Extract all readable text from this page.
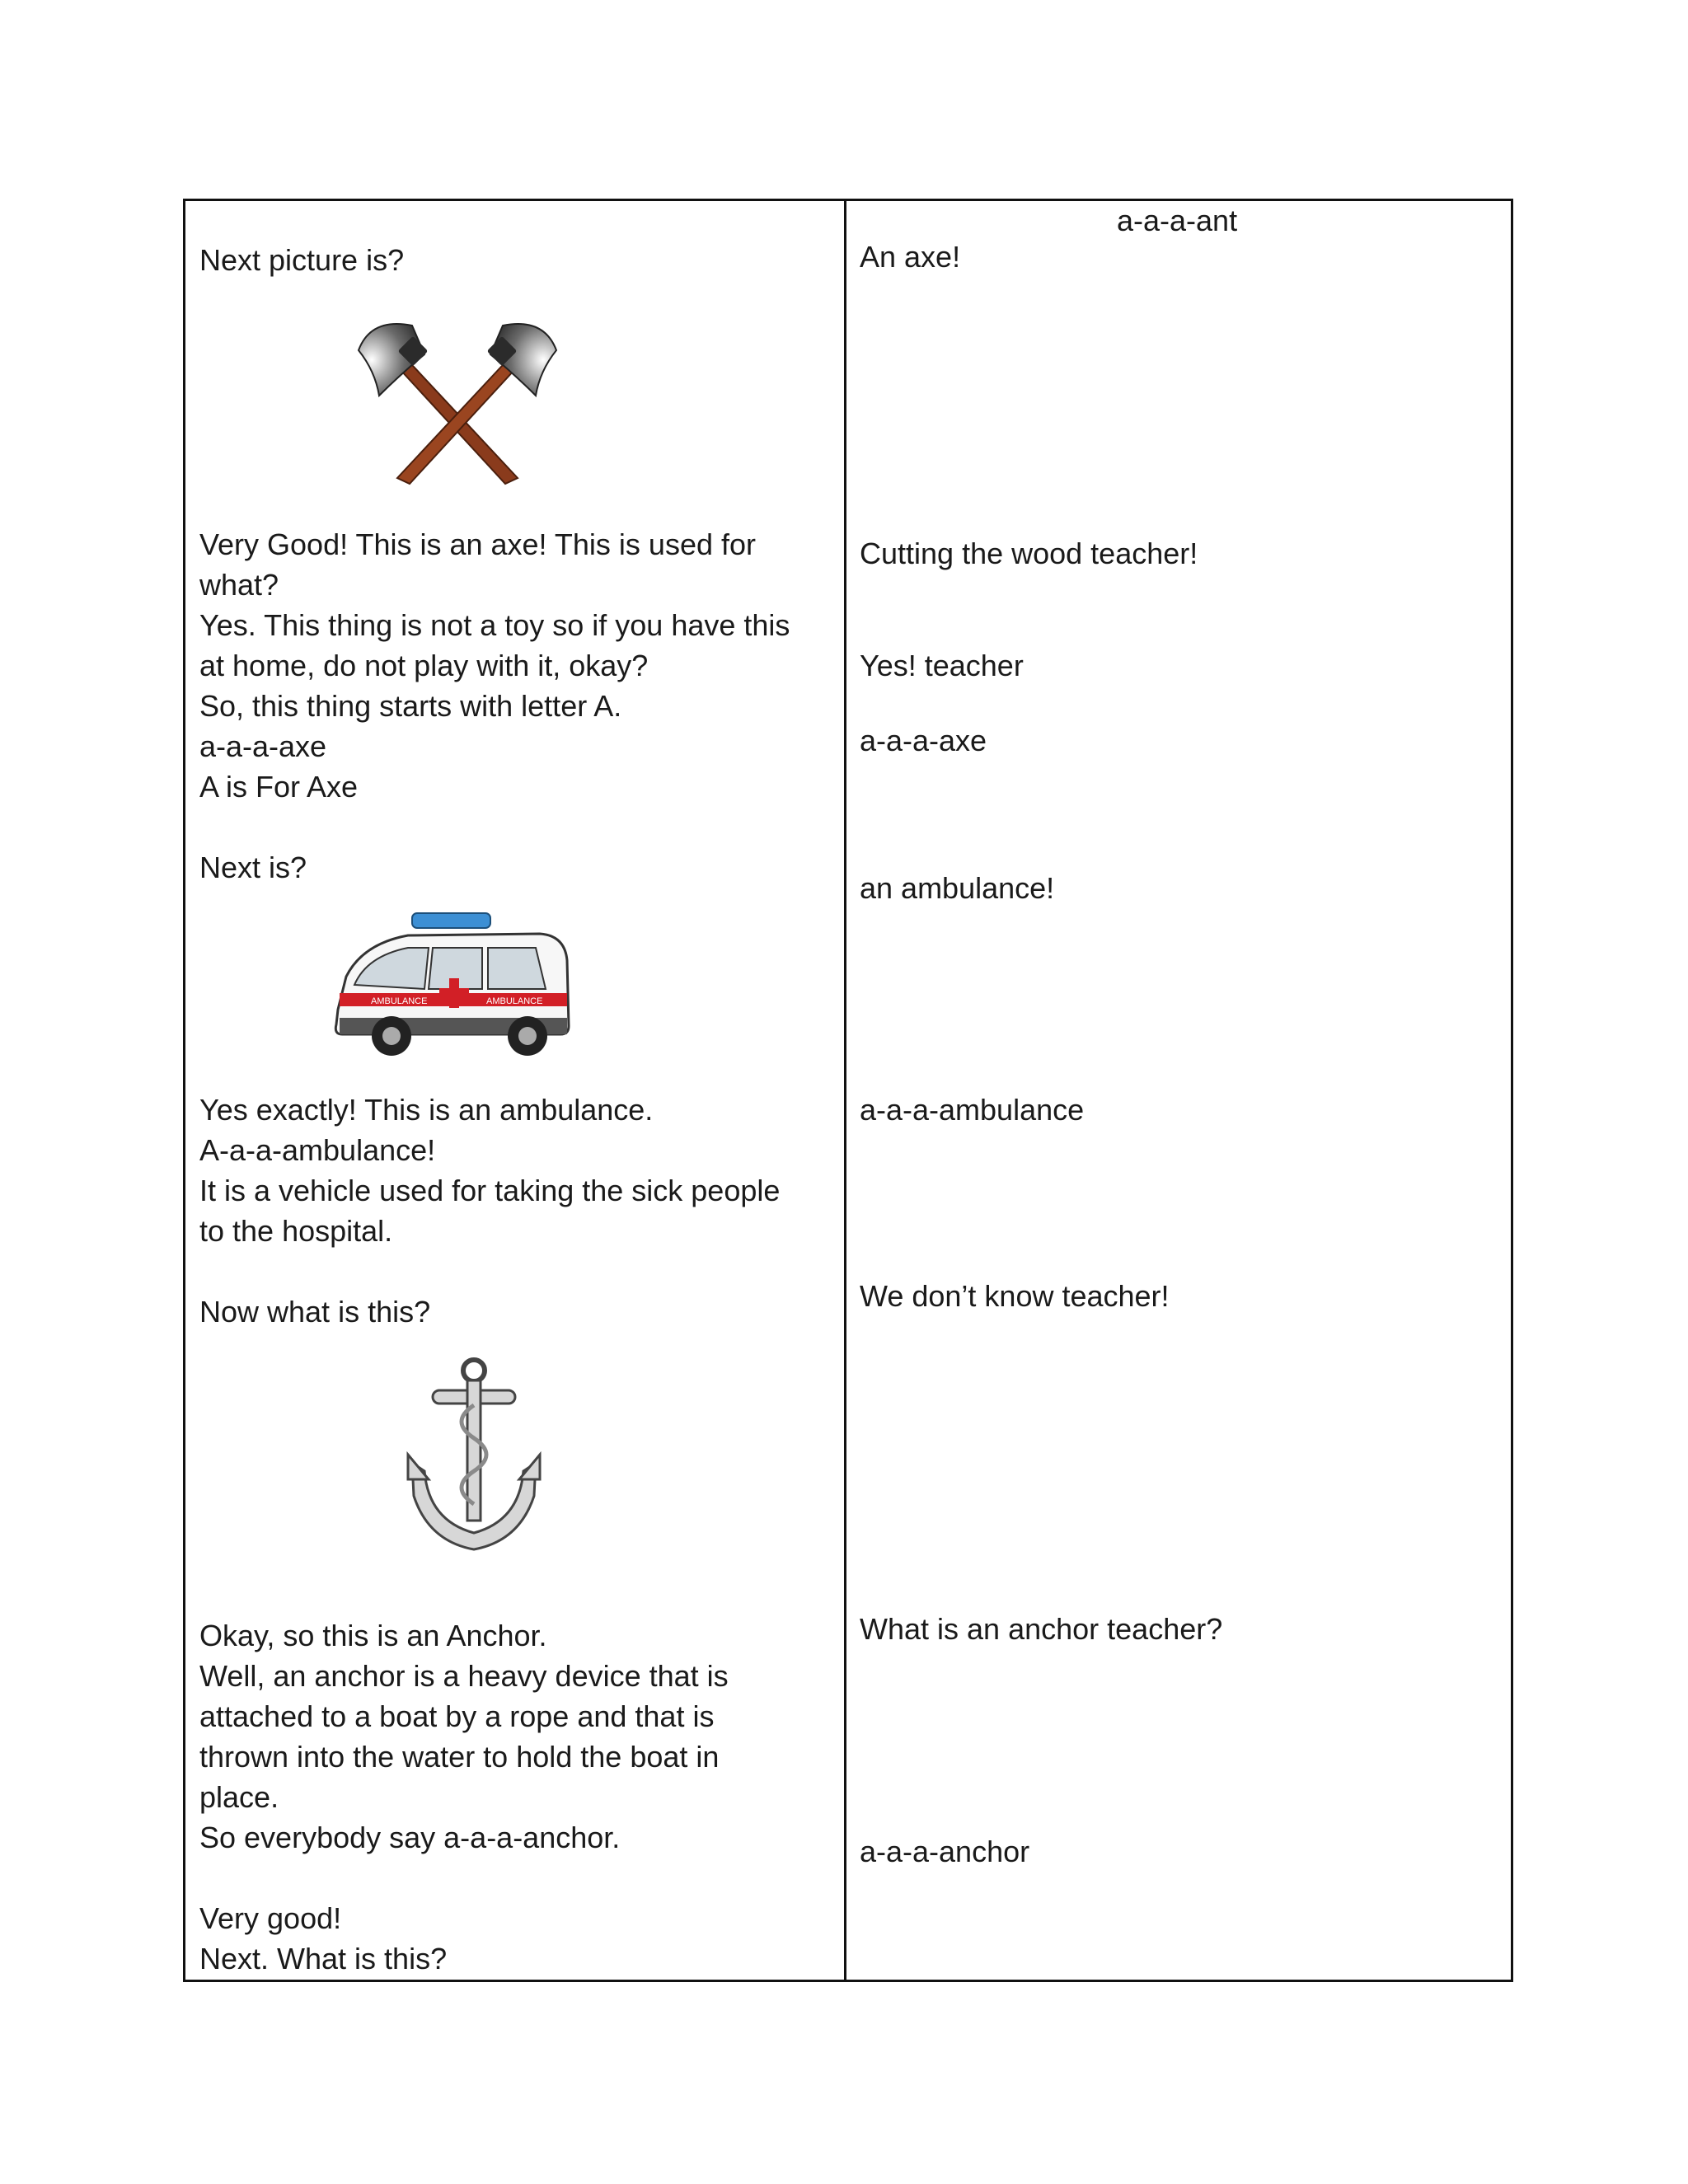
Next picture is?
Very Good! This is an axe! This is used for
what?
Yes. This thing is not a toy so if you have this
at home, do not play with it, okay?
So, this thing starts with letter A.
a-a-a-axe
A is For Axe
Next is?
AMBULANCE	AMBULANCE
Yes exactly! This is an ambulance.
A-a-a-ambulance!
It is a vehicle used for taking the sick people
to the hospital.
Now what is this?
Okay, so this is an Anchor.
Well, an anchor is a heavy device that is
attached to a boat by a rope and that is
thrown into the water to hold the boat in
place.
So everybody say a-a-a-anchor.
Very good!
Next. What is this?
a-a-a-ant
An axe!
Cutting the wood teacher!
Yes! teacher
a-a-a-axe
an ambulance!
a-a-a-ambulance
We don’t know teacher!
What is an anchor teacher?
a-a-a-anchor
